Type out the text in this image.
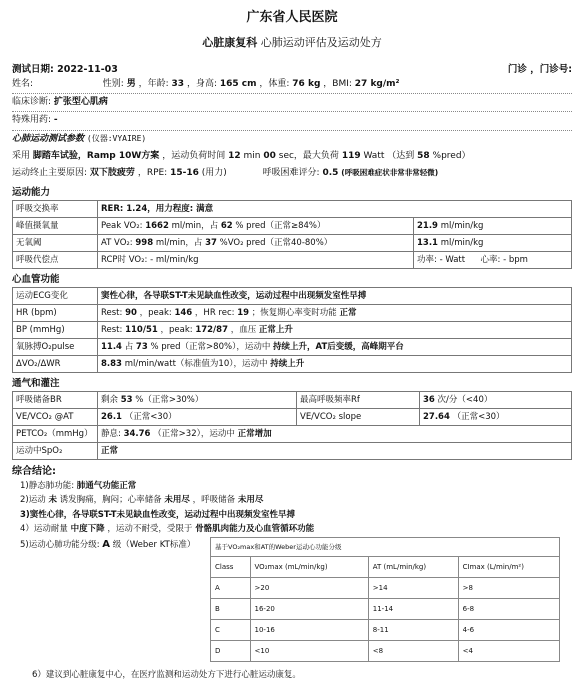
广东省人民医院
心脏康复科 心肺运动评估及运动处方
测试日期: 2022-11-03	门诊 ，门诊号:
姓名:	性别: 男 ，年龄: 33 ，身高: 165 cm ，体重: 76 kg ，BMI: 27 kg/m²
临床诊断: 扩张型心肌病
特殊用药: -
心肺运动测试参数 (仪器:VYAIRE)
采用 脚踏车试验，Ramp 10W方案 ，运动负荷时间 12 min 00 sec，最大负荷 119 Watt （达到 58 %pred）
运动终止主要原因: 双下肢疲劳 ，RPE: 15-16 (用力)	呼吸困难评分: 0.5 (呼吸困难症状非常非常轻微)
运动能力
呼吸交换率	RER: 1.24，用力程度: 满意	
峰值摄氧量	Peak VO₂: 1662 ml/min，占 62 % pred（正常≥84%）	21.9 ml/min/kg
无氧阈	AT VO₂: 998 ml/min，占 37 %VO₂ pred（正常40-80%）	13.1 ml/min/kg
呼吸代偿点	RCP时 VO₂: - ml/min/kg	功率: - Watt 心率: - bpm
心血管功能
运动ECG变化	窦性心律，各导联ST-T未见缺血性改变，运动过程中出现频发室性早搏
HR (bpm)	Rest: 90 ，peak: 146 ，HR rec: 19 ；恢复期心率变时功能 正常
BP (mmHg)	Rest: 110/51 ，peak: 172/87 ，血压 正常上升
氧脉搏O₂pulse	11.4 占 73 % pred（正常>80%），运动中 持续上升，AT后变缓，高峰期平台
ΔVO₂/ΔWR	8.83 ml/min/watt（标准值为10），运动中 持续上升
通气和灌注
呼吸储备BR	剩余 53 %（正常>30%）	最高呼吸频率Rf	36 次/分（<40）
VE/VCO₂ @AT	26.1 （正常<30）	VE/VCO₂ slope	27.64 （正常<30）
PETCO₂（mmHg）	静息: 34.76 （正常>32），运动中 正常增加		
运动中SpO₂	正常		
综合结论:
1)静态肺功能: 肺通气功能正常
2)运动 未 诱发胸痛，胸闷；心率储备 未用尽 ，呼吸储备 未用尽
3)窦性心律，各导联ST-T未见缺血性改变，运动过程中出现频发室性早搏
4）运动耐量 中度下降 ，运动不耐受，受限于 骨骼肌肉能力及心血管循环功能
5)运动心肺功能分级: A 级（Weber KT标准）	基于VO₂max和AT的Weber运动心功能分级			
Class	VO₂max (mL/min/kg)	AT (mL/min/kg)	CImax (L/min/m²)
A	>20	>14	>8
B	16-20	11-14	6-8
C	10-16	8-11	4-6
D	<10	<8	<4
6）建议到心脏康复中心，在医疗监测和运动处方下进行心脏运动康复。
